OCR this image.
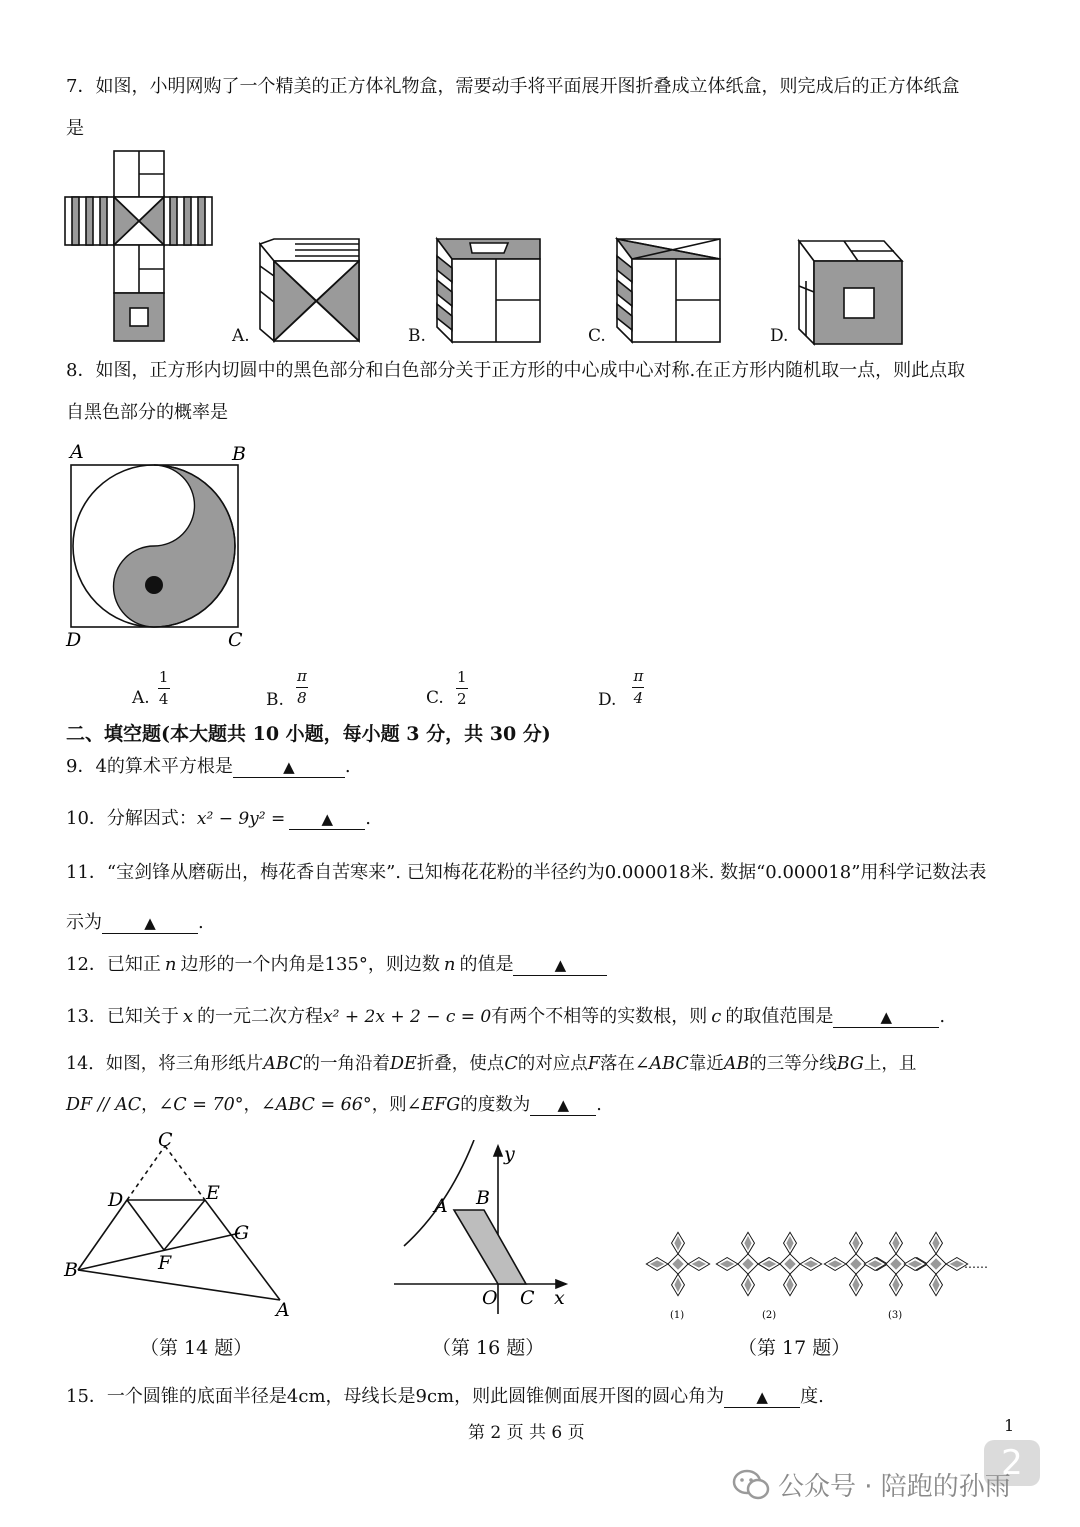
7．如图，小明网购了一个精美的正方体礼物盒，需要动手将平面展开图折叠成立体纸盒，则完成后的正方体纸盒
是
A.	B.	C.	D.
8．如图，正方形内切圆中的黑色部分和白色部分关于正方形的中心成中心对称.在正方形内随机取一点，则此点取
自黑色部分的概率是
A	B
D	C
A. $\frac{1}{4}$	B. $\frac{\pi}{8}$	C. $\frac{1}{2}$	D. $\frac{\pi}{4}$
二、填空题(本大题共 10 小题，每小题 3 分，共 30 分)
9．4的算术平方根是	▲	.
10．分解因式：x² − 9y² = ▲ .
11．“宝剑锋从磨砺出，梅花香自苦寒来”. 已知梅花花粉的半径约为0.000018米. 数据“0.000018”用科学记数法表
示为	▲ .
12．已知正 n 边形的一个内角是135°，则边数 n 的值是	▲
13．已知关于 x 的一元二次方程x² + 2x + 2 − c = 0有两个不相等的实数根，则 c 的取值范围是	▲	.
14．如图，将三角形纸片ABC的一角沿着DE折叠，使点C的对应点F落在∠ABC靠近AB的三等分线BG上，且
DF // AC，∠C = 70°，∠ABC = 66°，则∠EFG的度数为 ▲ .
C
D	E
G
F
B
A
（第 14 题）
y
A B
O C x
（第 16 题）
(1)	(2)	(3)
……
（第 17 题）
15．一个圆锥的底面半径是4cm，母线长是9cm，则此圆锥侧面展开图的圆心角为 ▲ 度.
第 2 页 共 6 页	1
2
公众号 · 陪跑的孙雨
